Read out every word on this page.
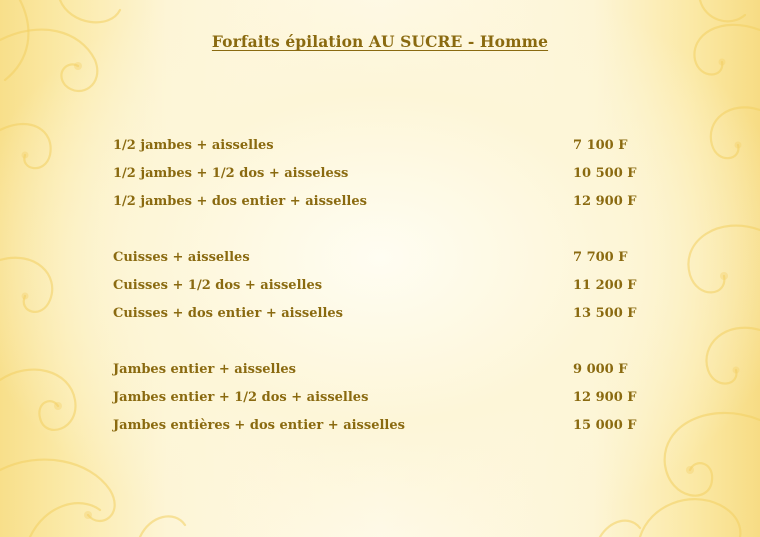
Forfaits épilation AU SUCRE - Homme
1/2 jambes + aisselles	7 100 F
1/2 jambes + 1/2 dos + aisseless	10 500 F
1/2 jambes + dos entier + aisselles	12 900 F
Cuisses + aisselles	7 700 F
Cuisses + 1/2 dos + aisselles	11 200 F
Cuisses + dos entier + aisselles	13 500 F
Jambes entier + aisselles	9 000 F
Jambes entier + 1/2 dos + aisselles	12 900 F
Jambes entières + dos entier + aisselles	15 000 F
